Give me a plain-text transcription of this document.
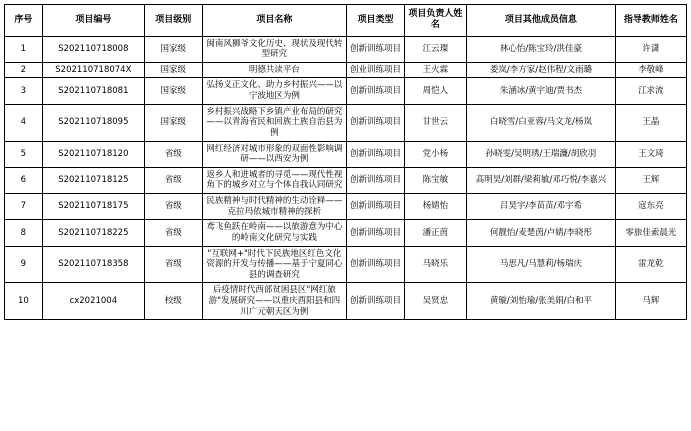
序号	项目编号	项目级别	项目名称	项目类型	项目负责人姓名	项目其他成员信息	指导教师姓名
1	S202110718008	国家级	闽南风狮爷文化历史、现状及现代转型研究	创新训练项目	江云璨	林心怡/陈宝玲/洪佳豪	许潇
2	S202110718074X	国家级	明德共读平台	创业训练项目	王火霖	娄岚/李方家/赵伟程/文雨璐	李敬峰
3	S202110718081	国家级	弘扬义正文化、助力乡村振兴——以宁波地区为例	创新训练项目	周恺人	朱涵冰/黄宇迪/贾书杰	江求流
4	S202110718095	国家级	乡村振兴战略下乡镇产业布局的研究——以青海省民和回族土族自治县为例	创新训练项目	甘世云	白晓雪/白亚蓉/马文龙/杨岚	王晶
5	S202110718120	省级	网红经济对城市形象的双面性影响调研——以西安为例	创新训练项目	党小杨	孙晓雯/吴明琇/王瑞濂/胡欣羽	王文琦
6	S202110718125	省级	返乡人和进城者的寻觅——现代性视角下的城乡对立与个体自我认同研究	创新训练项目	陈宝敏	高明昊/刘群/梁莉敏/邓巧悦/李嘉兴	王辉
7	S202110718175	省级	民族精神与时代精神的生动诠释——克拉玛依城市精神的探析	创新训练项目	杨婧怡	吕昊宇/李苗苗/邓宇希	寇东亮
8	S202110718225	省级	鸢飞鱼跃在岭南——以旅游意为中心的岭南文化研究与实践	创新训练项目	潘正茵	何靓怡/麦楚茵/卢婧/李晓彤	零旅佳索晨光
9	S202110718358	省级	"互联网+"时代下民族地区红色文化资源的开发与传播——基于宁夏同心县的调查研究	创新训练项目	马晓乐	马思凡/马慧莉/杨瑞庆	雷龙乾
10	cx2021004	校级	后疫情时代西部贫困县区"网红旅游"发展研究——以重庆酉阳县和四川广元朝天区为例	创新训练项目	吴贤忠	黄璇/刘怡瑜/张美娟/白和平	马辉
